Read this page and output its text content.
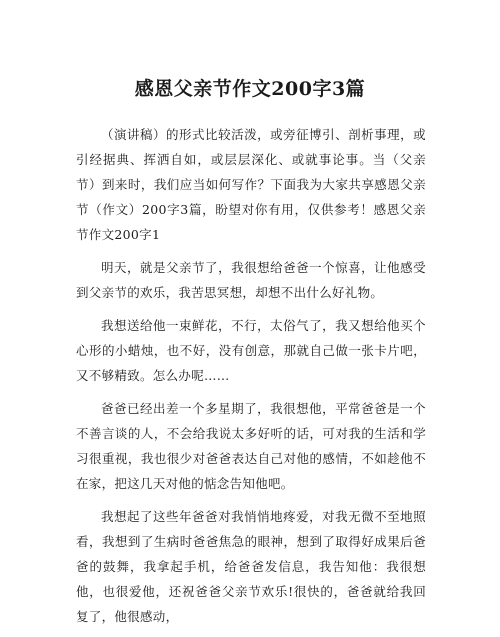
感恩父亲节作文200字3篇

（演讲稿）的形式比较活泼，或旁征博引、剖析事理，或引经据典、挥洒自如，或层层深化、或就事论事。当（父亲节）到来时，我们应当如何写作？下面我为大家共享感恩父亲节（作文）200字3篇，盼望对你有用，仅供参考！感恩父亲节作文200字1

明天，就是父亲节了，我很想给爸爸一个惊喜，让他感受到父亲节的欢乐，我苦思冥想，却想不出什么好礼物。

我想送给他一束鲜花，不行，太俗气了，我又想给他买个心形的小蜡烛，也不好，没有创意，那就自己做一张卡片吧，又不够精致。怎么办呢……

爸爸已经出差一个多星期了，我很想他，平常爸爸是一个不善言谈的人，不会给我说太多好听的话，可对我的生活和学习很重视，我也很少对爸爸表达自己对他的感情，不如趁他不在家，把这几天对他的惦念告知他吧。

我想起了这些年爸爸对我悄悄地疼爱，对我无微不至地照看，我想到了生病时爸爸焦急的眼神，想到了取得好成果后爸爸的鼓舞，我拿起手机，给爸爸发信息，我告知他：我很想他，也很爱他，还祝爸爸父亲节欢乐!很快的，爸爸就给我回复了，他很感动，
